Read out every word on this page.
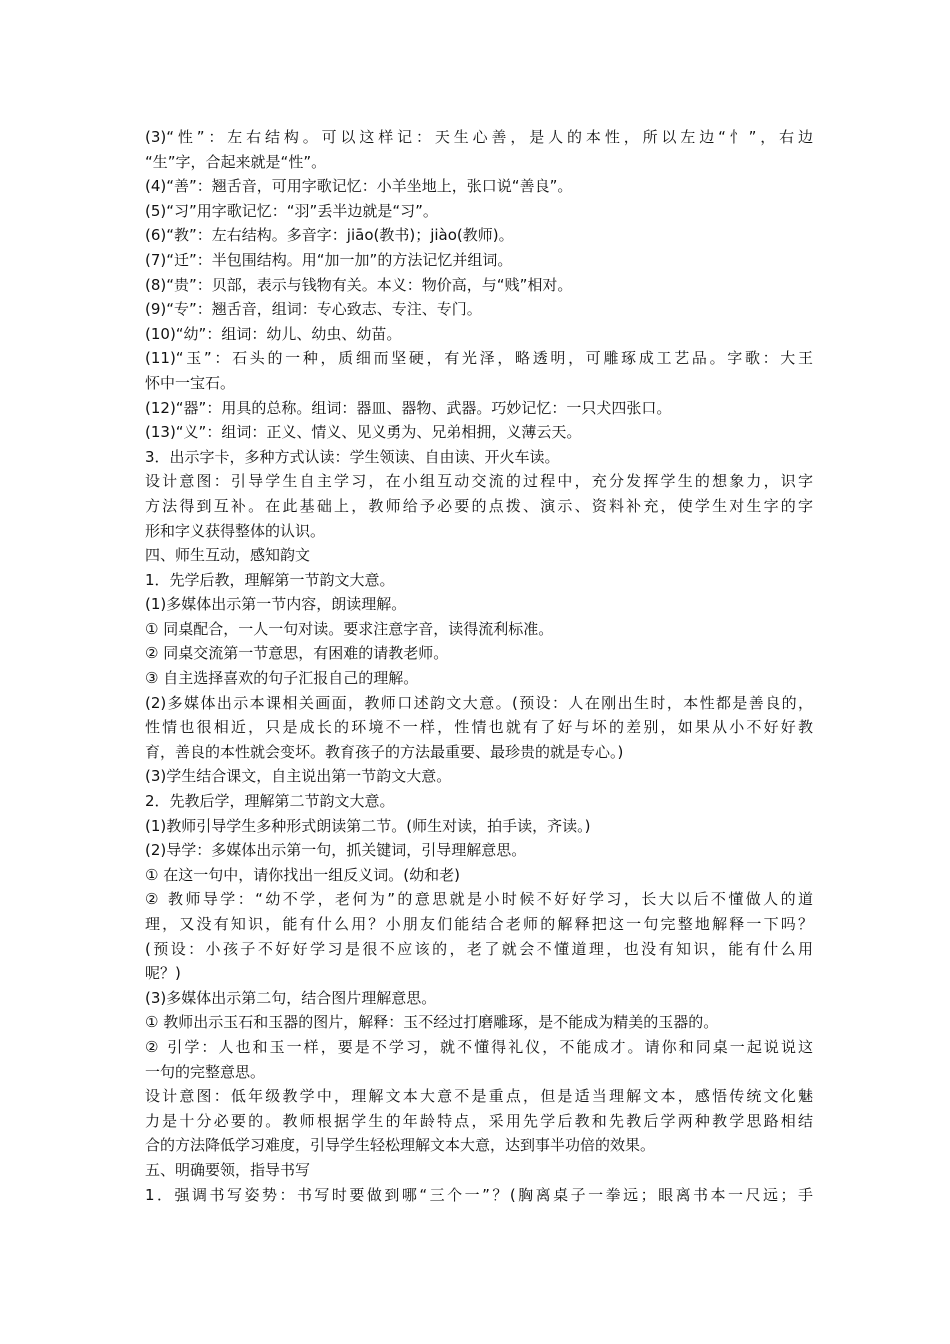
(3)“性”：左右结构。可以这样记：天生心善，是人的本性，所以左边“忄”，右边
“生”字，合起来就是“性”。
(4)“善”：翘舌音，可用字歌记忆：小羊坐地上，张口说“善良”。
(5)“习”用字歌记忆：“羽”丢半边就是“习”。
(6)“教”：左右结构。多音字：jiāo(教书)；jiào(教师)。
(7)“迁”：半包围结构。用“加一加”的方法记忆并组词。
(8)“贵”：贝部，表示与钱物有关。本义：物价高，与“贱”相对。
(9)“专”：翘舌音，组词：专心致志、专注、专门。
(10)“幼”：组词：幼儿、幼虫、幼苗。
(11)“玉”：石头的一种，质细而坚硬，有光泽，略透明，可雕琢成工艺品。字歌：大王
怀中一宝石。
(12)“器”：用具的总称。组词：器皿、器物、武器。巧妙记忆：一只犬四张口。
(13)“义”：组词：正义、情义、见义勇为、兄弟相拥，义薄云天。
3．出示字卡，多种方式认读：学生领读、自由读、开火车读。
设计意图：引导学生自主学习，在小组互动交流的过程中，充分发挥学生的想象力，识字
方法得到互补。在此基础上，教师给予必要的点拨、演示、资料补充，使学生对生字的字
形和字义获得整体的认识。
四、师生互动，感知韵文
1．先学后教，理解第一节韵文大意。
(1)多媒体出示第一节内容，朗读理解。
① 同桌配合，一人一句对读。要求注意字音，读得流利标准。
② 同桌交流第一节意思，有困难的请教老师。
③ 自主选择喜欢的句子汇报自己的理解。
(2)多媒体出示本课相关画面，教师口述韵文大意。(预设：人在刚出生时，本性都是善良的，
性情也很相近，只是成长的环境不一样，性情也就有了好与坏的差别，如果从小不好好教
育，善良的本性就会变坏。教育孩子的方法最重要、最珍贵的就是专心。)
(3)学生结合课文，自主说出第一节韵文大意。
2．先教后学，理解第二节韵文大意。
(1)教师引导学生多种形式朗读第二节。(师生对读，拍手读，齐读。)
(2)导学：多媒体出示第一句，抓关键词，引导理解意思。
① 在这一句中，请你找出一组反义词。(幼和老)
② 教师导学：“幼不学，老何为”的意思就是小时候不好好学习，长大以后不懂做人的道
理，又没有知识，能有什么用？小朋友们能结合老师的解释把这一句完整地解释一下吗？
(预设：小孩子不好好学习是很不应该的，老了就会不懂道理，也没有知识，能有什么用
呢？)
(3)多媒体出示第二句，结合图片理解意思。
① 教师出示玉石和玉器的图片，解释：玉不经过打磨雕琢，是不能成为精美的玉器的。
② 引学：人也和玉一样，要是不学习，就不懂得礼仪，不能成才。请你和同桌一起说说这
一句的完整意思。
设计意图：低年级教学中，理解文本大意不是重点，但是适当理解文本，感悟传统文化魅
力是十分必要的。教师根据学生的年龄特点，采用先学后教和先教后学两种教学思路相结
合的方法降低学习难度，引导学生轻松理解文本大意，达到事半功倍的效果。
五、明确要领，指导书写
1．强调书写姿势：书写时要做到哪“三个一”？(胸离桌子一拳远；眼离书本一尺远；手
